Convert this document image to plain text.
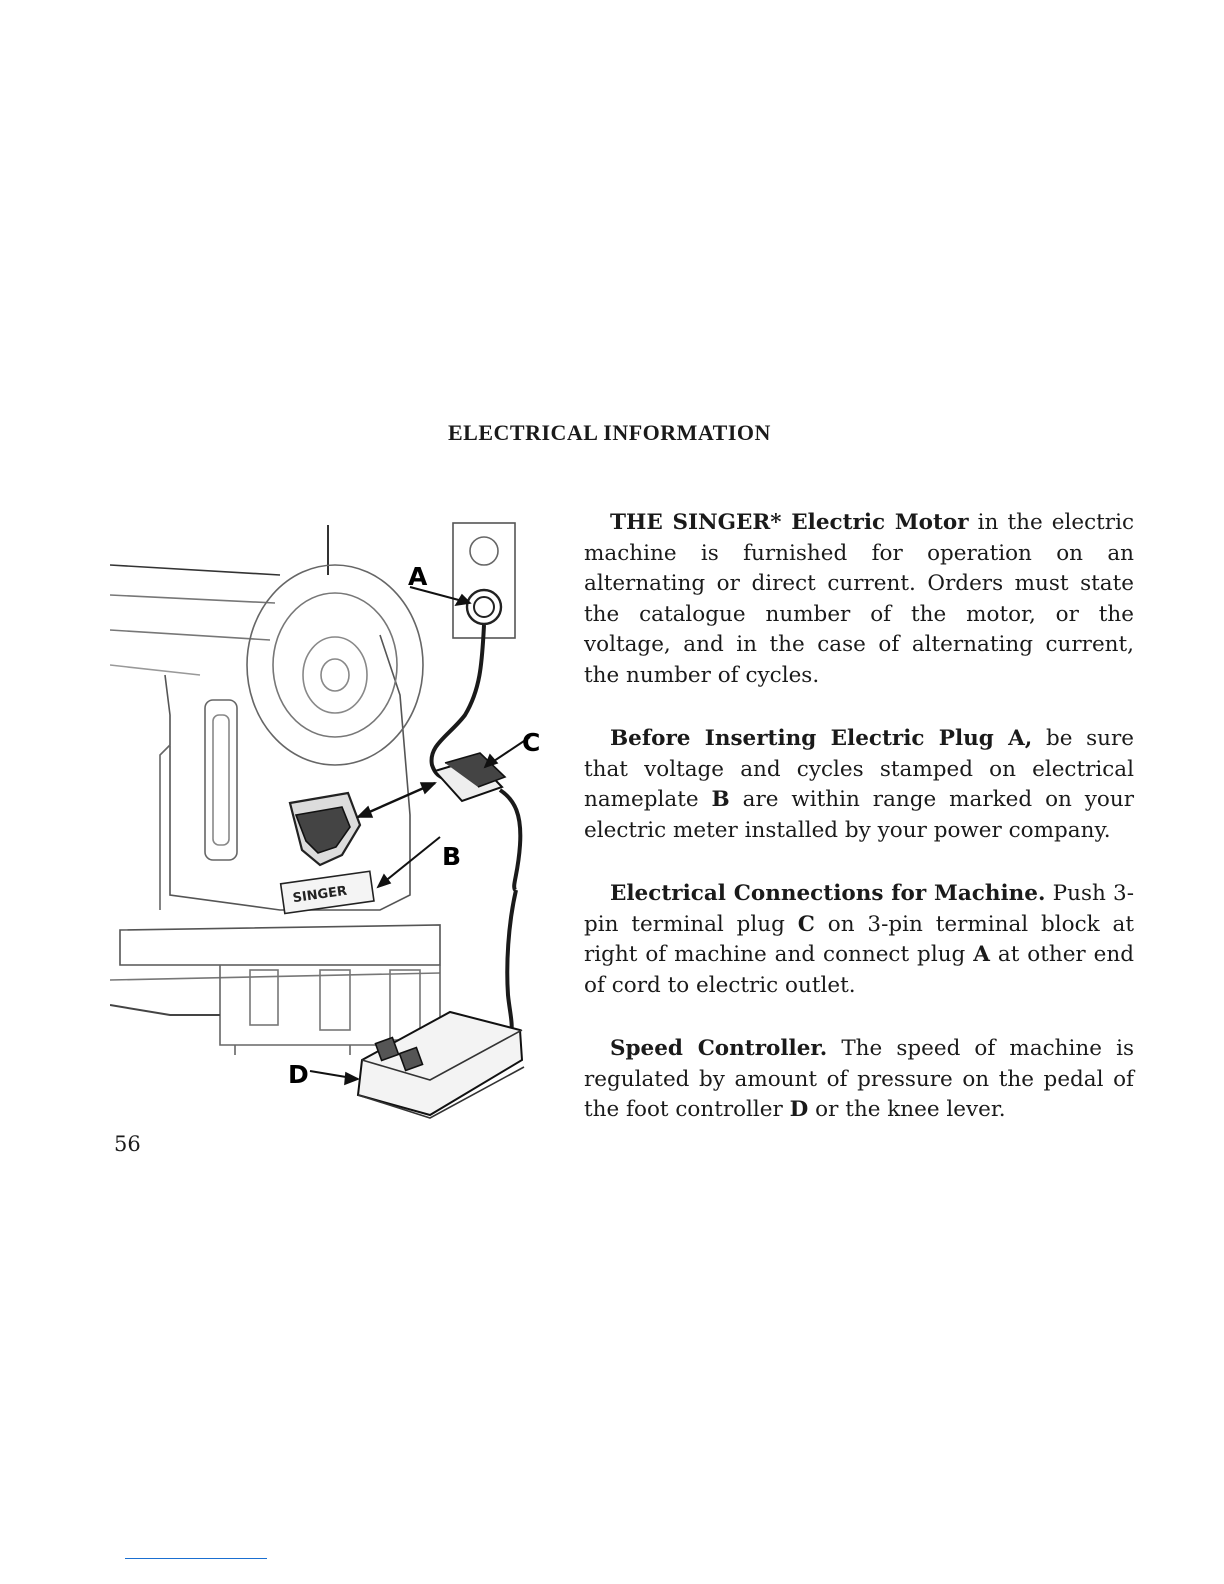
ELECTRICAL INFORMATION
SINGER
A
C
B
D

THE SINGER* Electric Motor in the electric machine is furnished for operation on an alternating or direct current. Orders must state the catalogue number of the motor, or the voltage, and in the case of alternating current, the number of cycles.

Before Inserting Electric Plug A, be sure that voltage and cycles stamped on electrical nameplate B are within range marked on your electric meter installed by your power company.

Electrical Connections for Machine. Push 3-pin terminal plug C on 3-pin terminal block at right of machine and connect plug A at other end of cord to electric outlet.

Speed Controller. The speed of machine is regulated by amount of pressure on the pedal of the foot controller D or the knee lever.

56
